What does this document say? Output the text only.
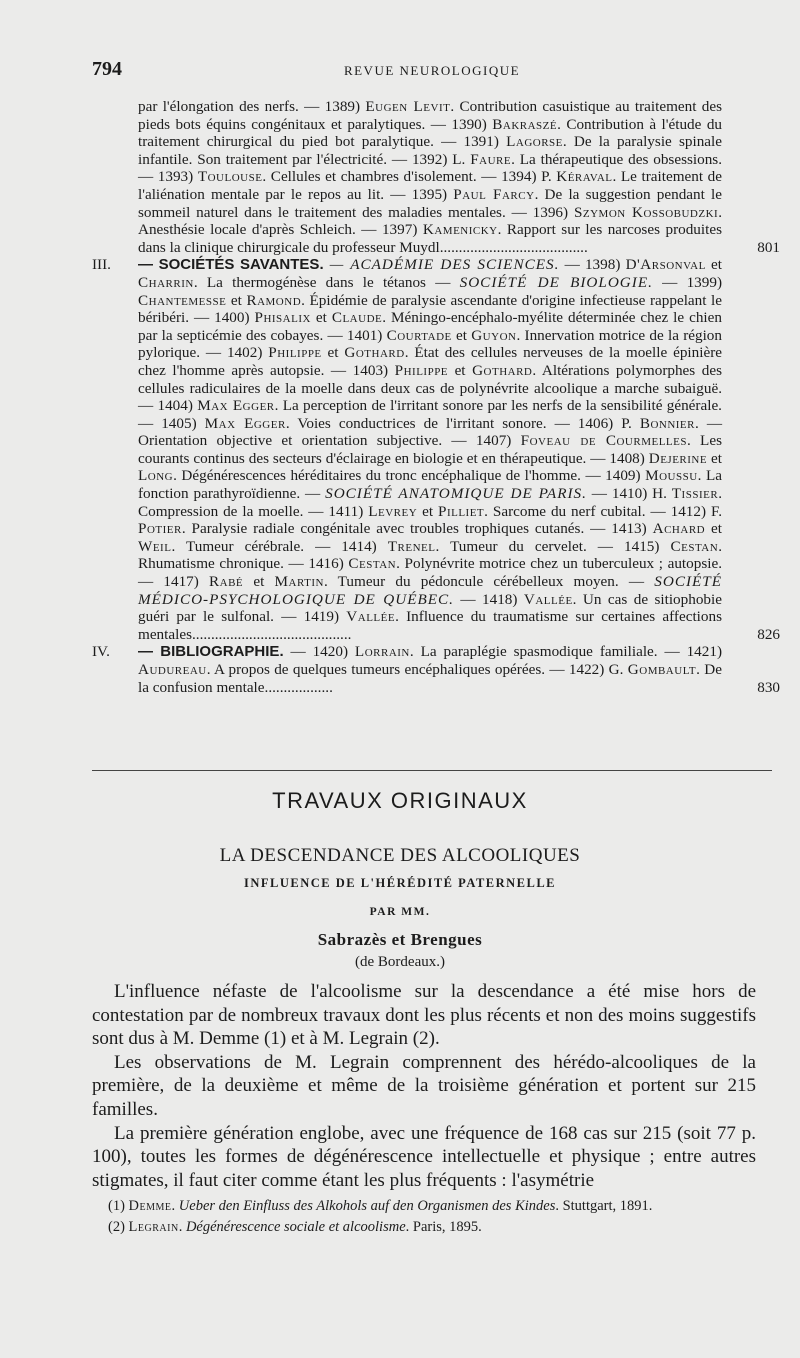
794	REVUE NEUROLOGIQUE
par l'élongation des nerfs. — 1389) Eugen Levit. Contribution casuistique au traitement des pieds bots équins congénitaux et paralytiques. — 1390) Bakraszé. Contribution à l'étude du traitement chirurgical du pied bot paralytique. — 1391) Lagorse. De la paralysie spinale infantile. Son traitement par l'électricité. — 1392) L. Faure. La thérapeutique des obsessions. — 1393) Toulouse. Cellules et chambres d'isolement. — 1394) P. Kéraval. Le traitement de l'aliénation mentale par le repos au lit. — 1395) Paul Farcy. De la suggestion pendant le sommeil naturel dans le traitement des maladies mentales. — 1396) Szymon Kossobudzki. Anesthésie locale d'après Schleich. — 1397) Kamenicky. Rapport sur les narcoses produites dans la clinique chirurgicale du professeur Muydl.......................................	801
III. — SOCIÉTÉS SAVANTES. — ACADÉMIE DES SCIENCES. — 1398) D'Arsonval et Charrin. La thermogénèse dans le tétanos — SOCIÉTÉ DE BIOLOGIE. — 1399) Chantemesse et Ramond. Épidémie de paralysie ascendante d'origine infectieuse rappelant le béribéri. — 1400) Phisalix et Claude. Méningo-encéphalo-myélite déterminée chez le chien par la septicémie des cobayes. — 1401) Courtade et Guyon. Innervation motrice de la région pylorique. — 1402) Philippe et Gothard. État des cellules nerveuses de la moelle épinière chez l'homme après autopsie. — 1403) Philippe et Gothard. Altérations polymorphes des cellules radiculaires de la moelle dans deux cas de polynévrite alcoolique a marche subaiguë. — 1404) Max Egger. La perception de l'irritant sonore par les nerfs de la sensibilité générale. — 1405) Max Egger. Voies conductrices de l'irritant sonore. — 1406) P. Bonnier. — Orientation objective et orientation subjective. — 1407) Foveau de Courmelles. Les courants continus des secteurs d'éclairage en biologie et en thérapeutique. — 1408) Dejerine et Long. Dégénérescences héréditaires du tronc encéphalique de l'homme. — 1409) Moussu. La fonction parathyroïdienne. — SOCIÉTÉ ANATOMIQUE DE PARIS. — 1410) H. Tissier. Compression de la moelle. — 1411) Levrey et Pilliet. Sarcome du nerf cubital. — 1412) F. Potier. Paralysie radiale congénitale avec troubles trophiques cutanés. — 1413) Achard et Weil. Tumeur cérébrale. — 1414) Trenel. Tumeur du cervelet. — 1415) Cestan. Rhumatisme chronique. — 1416) Cestan. Polynévrite motrice chez un tuberculeux ; autopsie. — 1417) Rabé et Martin. Tumeur du pédoncule cérébelleux moyen. — SOCIÉTÉ MÉDICO-PSYCHOLOGIQUE DE QUÉBEC. — 1418) Vallée. Un cas de sitiophobie guéri par le sulfonal. — 1419) Vallée. Influence du traumatisme sur certaines affections mentales..........................................	826
IV. — BIBLIOGRAPHIE. — 1420) Lorrain. La paraplégie spasmodique familiale. — 1421) Audureau. A propos de quelques tumeurs encéphaliques opérées. — 1422) G. Gombault. De la confusion mentale..................	830
TRAVAUX ORIGINAUX
LA DESCENDANCE DES ALCOOLIQUES
INFLUENCE DE L'HÉRÉDITÉ PATERNELLE
PAR MM.
Sabrazès et Brengues
(de Bordeaux.)

L'influence néfaste de l'alcoolisme sur la descendance a été mise hors de contestation par de nombreux travaux dont les plus récents et non des moins suggestifs sont dus à M. Demme (1) et à M. Legrain (2).

Les observations de M. Legrain comprennent des hérédo-alcooliques de la première, de la deuxième et même de la troisième génération et portent sur 215 familles.

La première génération englobe, avec une fréquence de 168 cas sur 215 (soit 77 p. 100), toutes les formes de dégénérescence intellectuelle et physique ; entre autres stigmates, il faut citer comme étant les plus fréquents : l'asymétrie

(1) Demme. Ueber den Einfluss des Alkohols auf den Organismen des Kindes. Stuttgart, 1891.

(2) Legrain. Dégénérescence sociale et alcoolisme. Paris, 1895.
